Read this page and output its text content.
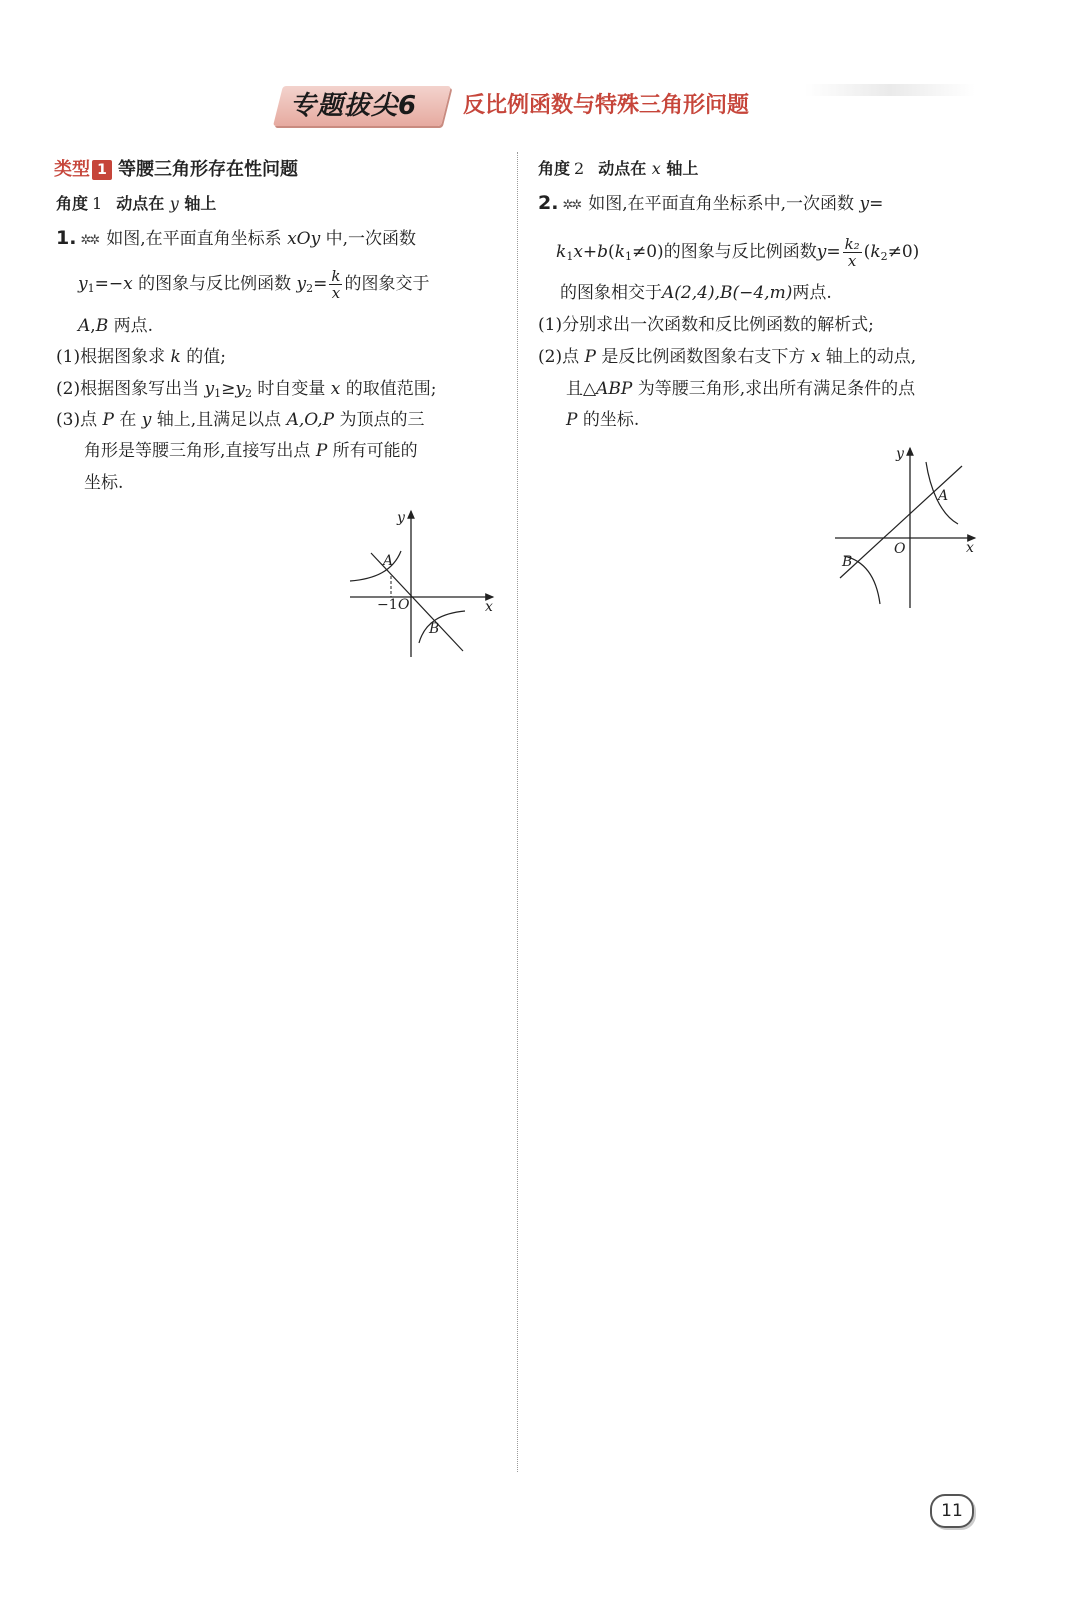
专题拔尖6	反比例函数与特殊三角形问题
类型 1 等腰三角形存在性问题
角度 1 动点在 y 轴上
1. ✲✲ 如图,在平面直角坐标系 xOy 中,一次函数
$y_1=-x$ 的图象与反比例函数 $y_2= \frac{k}{x}$ 的图象交于
A,B 两点.
(1)根据图象求 k 的值;
(2)根据图象写出当 $y_1\ge y_2$ 时自变量 x 的取值范围;
(3)点 P 在 y 轴上,且满足以点 A,O,P 为顶点的三
角形是等腰三角形,直接写出点 P 所有可能的
坐标.
y
x
A
B
−1 O
角度 2 动点在 x 轴上
2. ✲✲ 如图,在平面直角坐标系中,一次函数 y=
$k_1x+b(k_1\ne 0)$的图象与反比例函数$y= \frac{\text{k₂}}{x} (k_2\ne 0)$
的图象相交于A(2,4),B(−4,m)两点.
(1)分别求出一次函数和反比例函数的解析式;
(2)点 P 是反比例函数图象右支下方 x 轴上的动点,
且△ABP 为等腰三角形,求出所有满足条件的点
P 的坐标.
y
x
A
B
O
11
